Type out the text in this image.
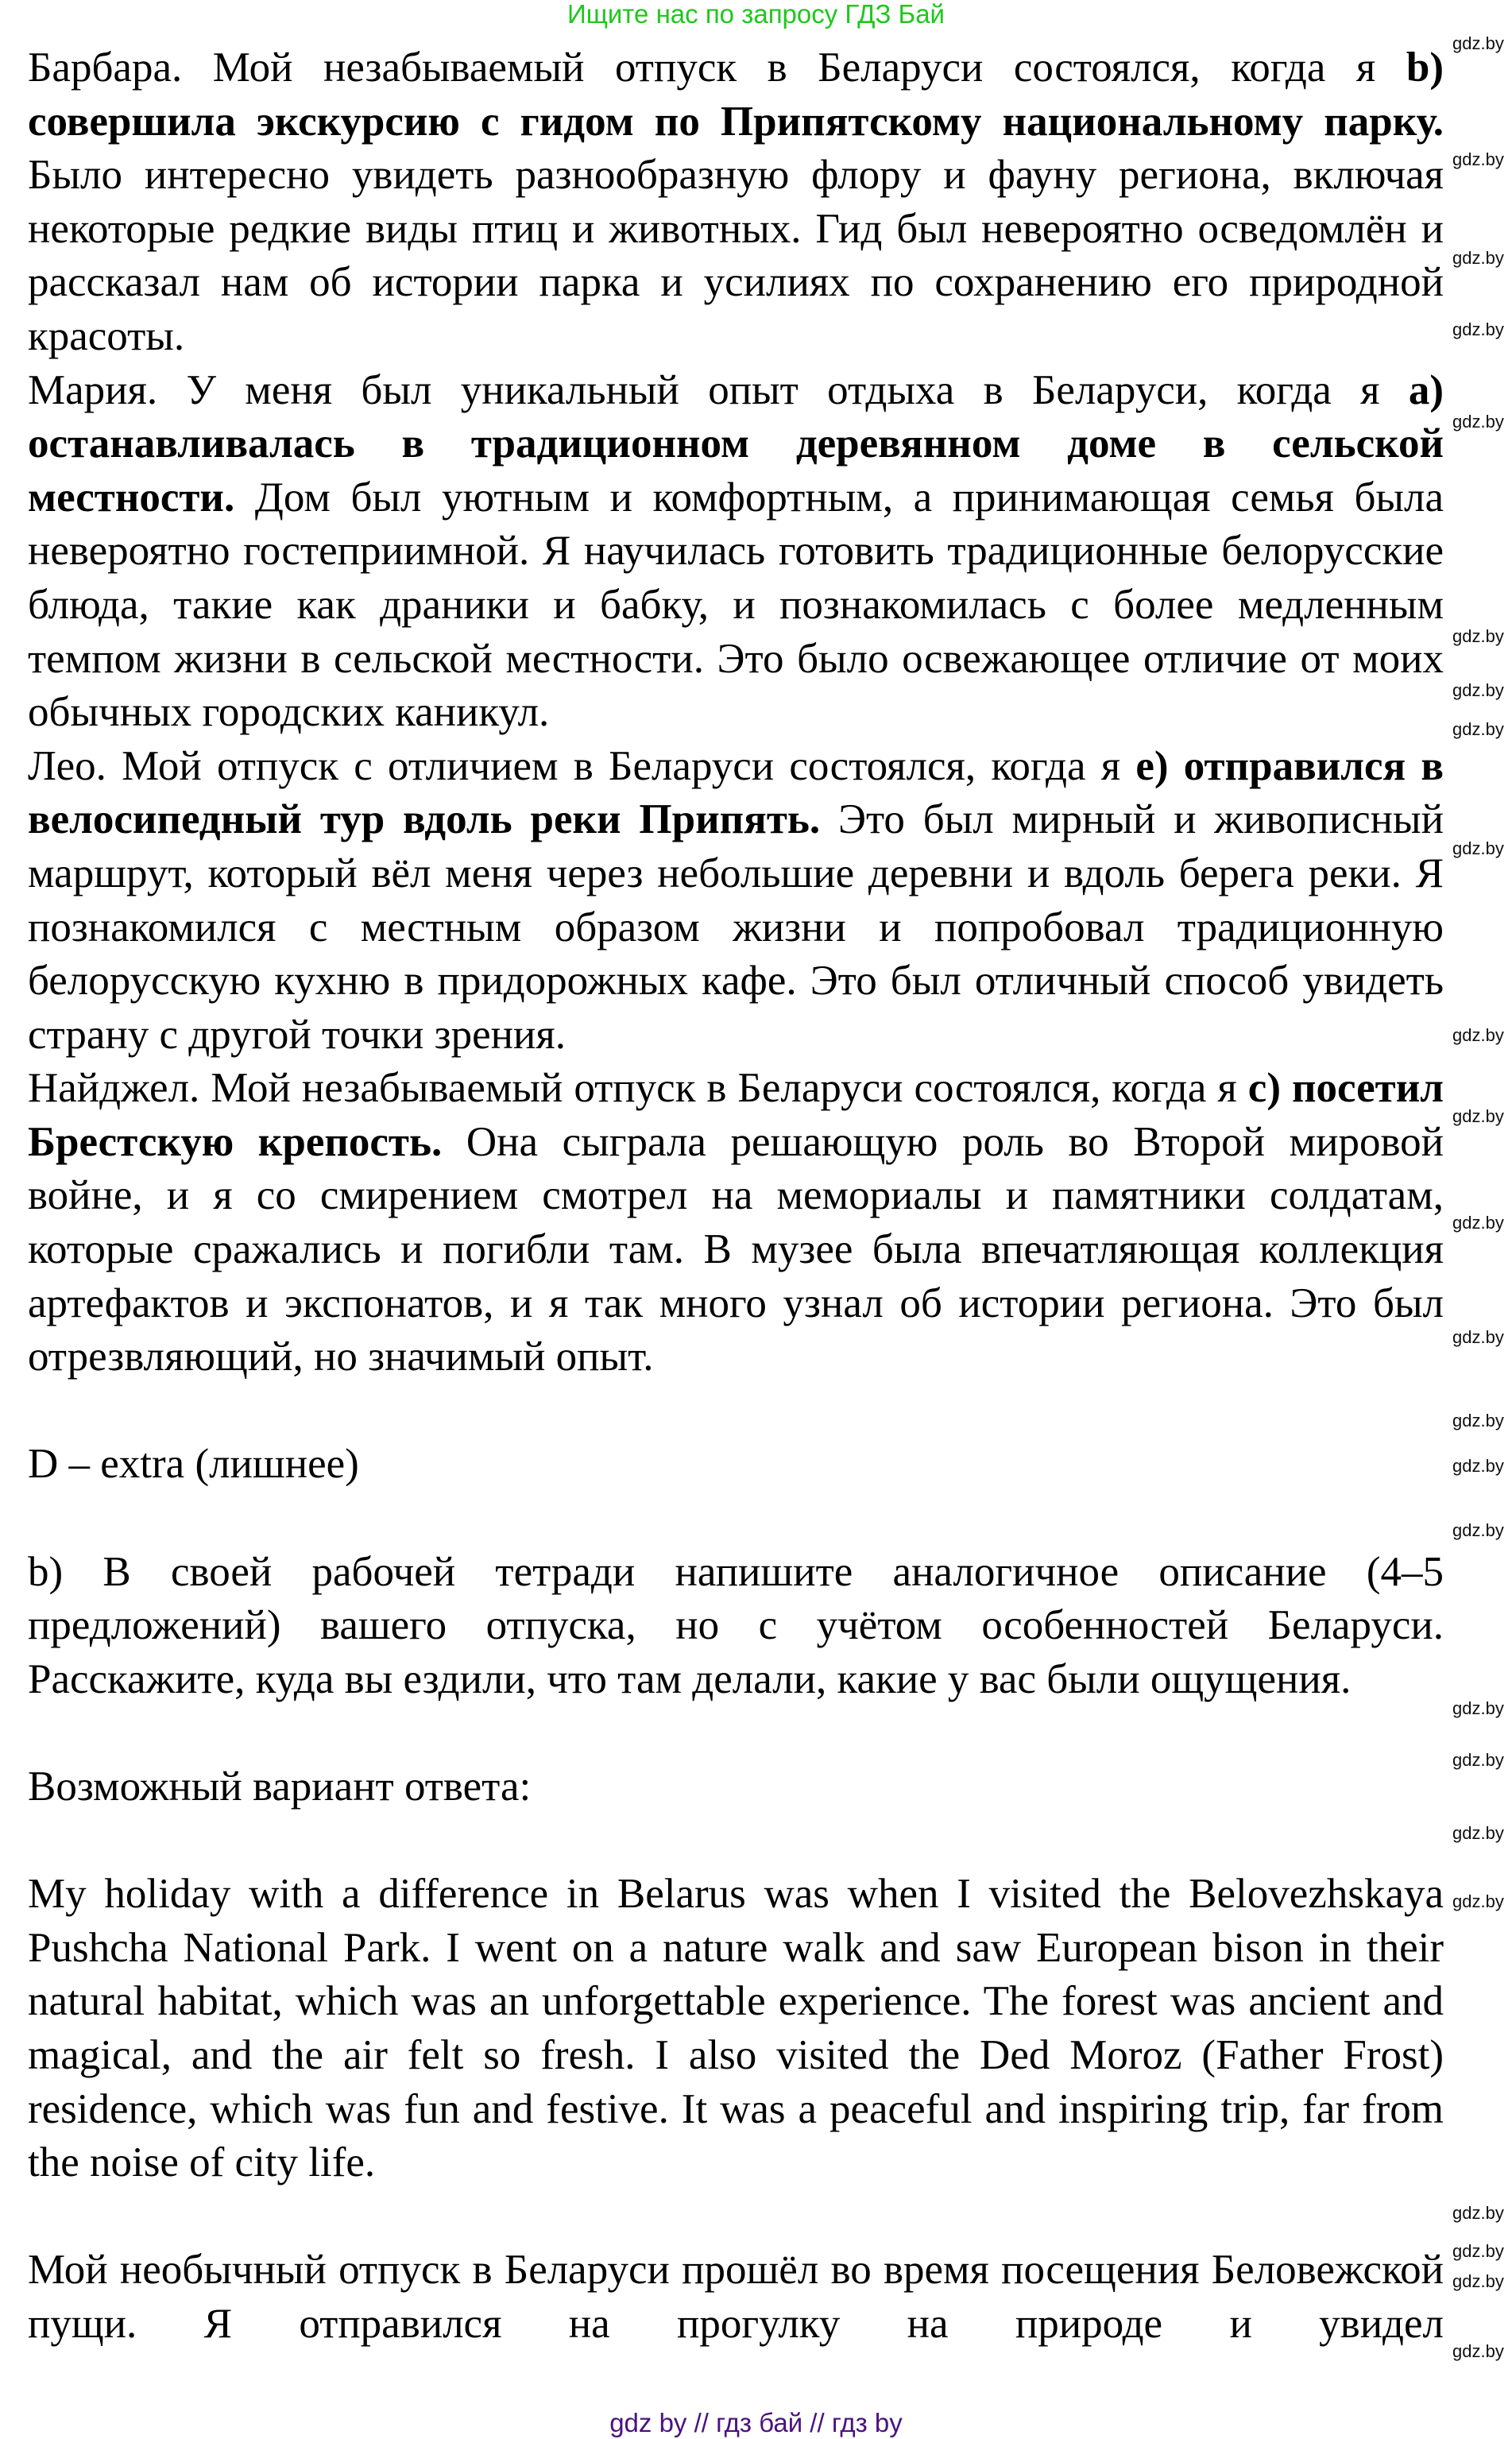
Ищите нас по запросу ГДЗ Бай

Барбара. Мой незабываемый отпуск в Беларуси состоялся, когда я b) совершила экскурсию с гидом по Припятскому национальному парку. Было интересно увидеть разнообразную флору и фауну региона, включая некоторые редкие виды птиц и животных. Гид был невероятно осведомлён и рассказал нам об истории парка и усилиях по сохранению его природной красоты.

Мария. У меня был уникальный опыт отдыха в Беларуси, когда я а) останавливалась в традиционном деревянном доме в сельской местности. Дом был уютным и комфортным, а принимающая семья была невероятно гостеприимной. Я научилась готовить традиционные белорусские блюда, такие как драники и бабку, и познакомилась с более медленным темпом жизни в сельской местности. Это было освежающее отличие от моих обычных городских каникул.

Лео. Мой отпуск с отличием в Беларуси состоялся, когда я е) отправился в велосипедный тур вдоль реки Припять. Это был мирный и живописный маршрут, который вёл меня через небольшие деревни и вдоль берега реки. Я познакомился с местным образом жизни и попробовал традиционную белорусскую кухню в придорожных кафе. Это был отличный способ увидеть страну с другой точки зрения.

Найджел. Мой незабываемый отпуск в Беларуси состоялся, когда я с) посетил Брестскую крепость. Она сыграла решающую роль во Второй мировой войне, и я со смирением смотрел на мемориалы и памятники солдатам, которые сражались и погибли там. В музее была впечатляющая коллекция артефактов и экспонатов, и я так много узнал об истории региона. Это был отрезвляющий, но значимый опыт.

D – extra (лишнее)

b) В своей рабочей тетради напишите аналогичное описание (4–5 предложений) вашего отпуска, но с учётом особенностей Беларуси. Расскажите, куда вы ездили, что там делали, какие у вас были ощущения.

Возможный вариант ответа:

My holiday with a difference in Belarus was when I visited the Belovezhskaya Pushcha National Park. I went on a nature walk and saw European bison in their natural habitat, which was an unforgettable experience. The forest was ancient and magical, and the air felt so fresh. I also visited the Ded Moroz (Father Frost) residence, which was fun and festive. It was a peaceful and inspiring trip, far from the noise of city life.

Мой необычный отпуск в Беларуси прошёл во время посещения Беловежской пущи. Я отправился на прогулку на природе и увидел

gdz.by
gdz.by
gdz.by
gdz.by
gdz.by
gdz.by
gdz.by
gdz.by
gdz.by
gdz.by
gdz.by
gdz.by
gdz.by
gdz.by
gdz.by
gdz.by
gdz.by
gdz.by
gdz.by
gdz.by
gdz.by
gdz.by
gdz.by
gdz.by
gdz by // гдз бай // гдз by
